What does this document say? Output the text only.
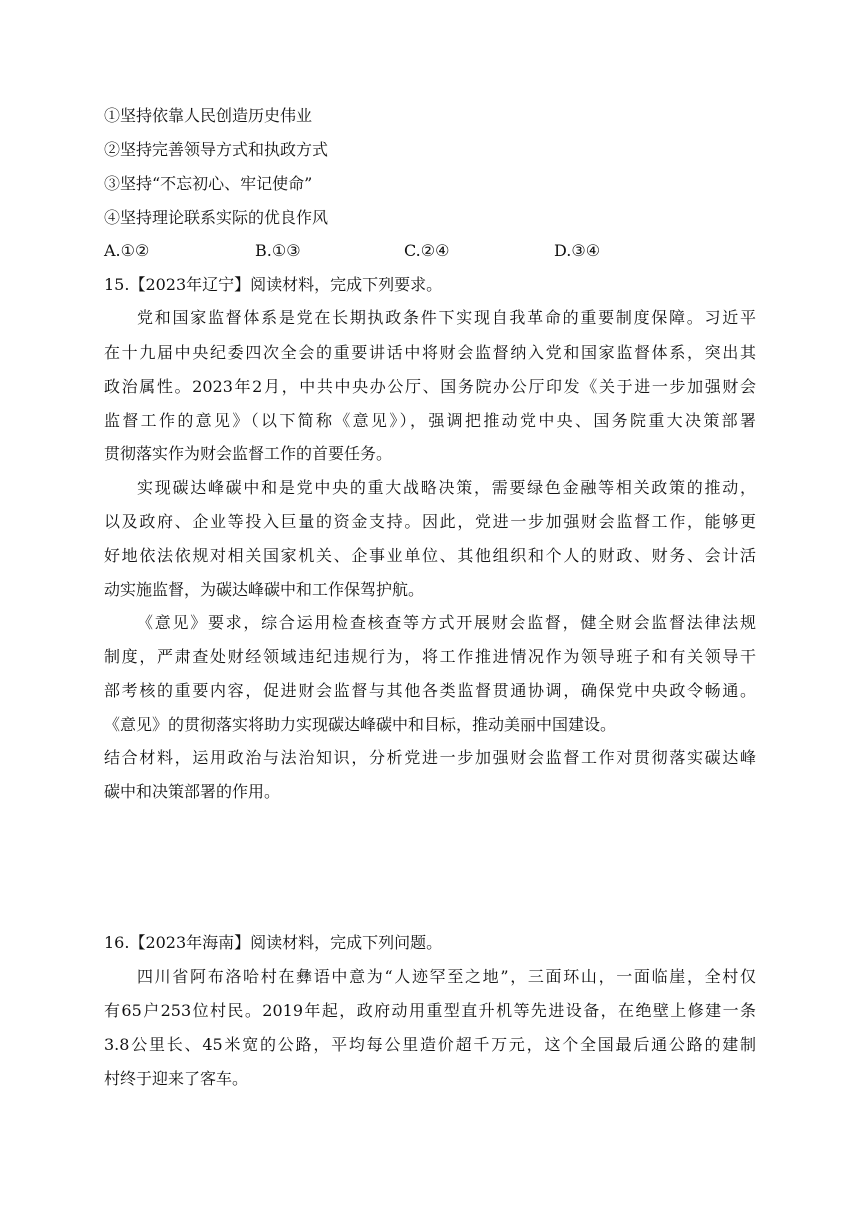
①坚持依靠人民创造历史伟业
②坚持完善领导方式和执政方式
③坚持“不忘初心、牢记使命”
④坚持理论联系实际的优良作风
A.①②	B.①③	C.②④	D.③④
15.【2023年辽宁】阅读材料，完成下列要求。
党和国家监督体系是党在长期执政条件下实现自我革命的重要制度保障。习近平
在十九届中央纪委四次全会的重要讲话中将财会监督纳入党和国家监督体系，突出其
政治属性。2023年2月，中共中央办公厅、国务院办公厅印发《关于进一步加强财会
监督工作的意见》（以下简称《意见》），强调把推动党中央、国务院重大决策部署
贯彻落实作为财会监督工作的首要任务。
实现碳达峰碳中和是党中央的重大战略决策，需要绿色金融等相关政策的推动，
以及政府、企业等投入巨量的资金支持。因此，党进一步加强财会监督工作，能够更
好地依法依规对相关国家机关、企事业单位、其他组织和个人的财政、财务、会计活
动实施监督，为碳达峰碳中和工作保驾护航。
《意见》要求，综合运用检查核查等方式开展财会监督，健全财会监督法律法规
制度，严肃查处财经领域违纪违规行为，将工作推进情况作为领导班子和有关领导干
部考核的重要内容，促进财会监督与其他各类监督贯通协调，确保党中央政令畅通。
《意见》的贯彻落实将助力实现碳达峰碳中和目标，推动美丽中国建设。
结合材料，运用政治与法治知识，分析党进一步加强财会监督工作对贯彻落实碳达峰
碳中和决策部署的作用。
16.【2023年海南】阅读材料，完成下列问题。
四川省阿布洛哈村在彝语中意为“人迹罕至之地”，三面环山，一面临崖，全村仅
有65户253位村民。2019年起，政府动用重型直升机等先进设备，在绝壁上修建一条
3.8公里长、45米宽的公路，平均每公里造价超千万元，这个全国最后通公路的建制
村终于迎来了客车。
